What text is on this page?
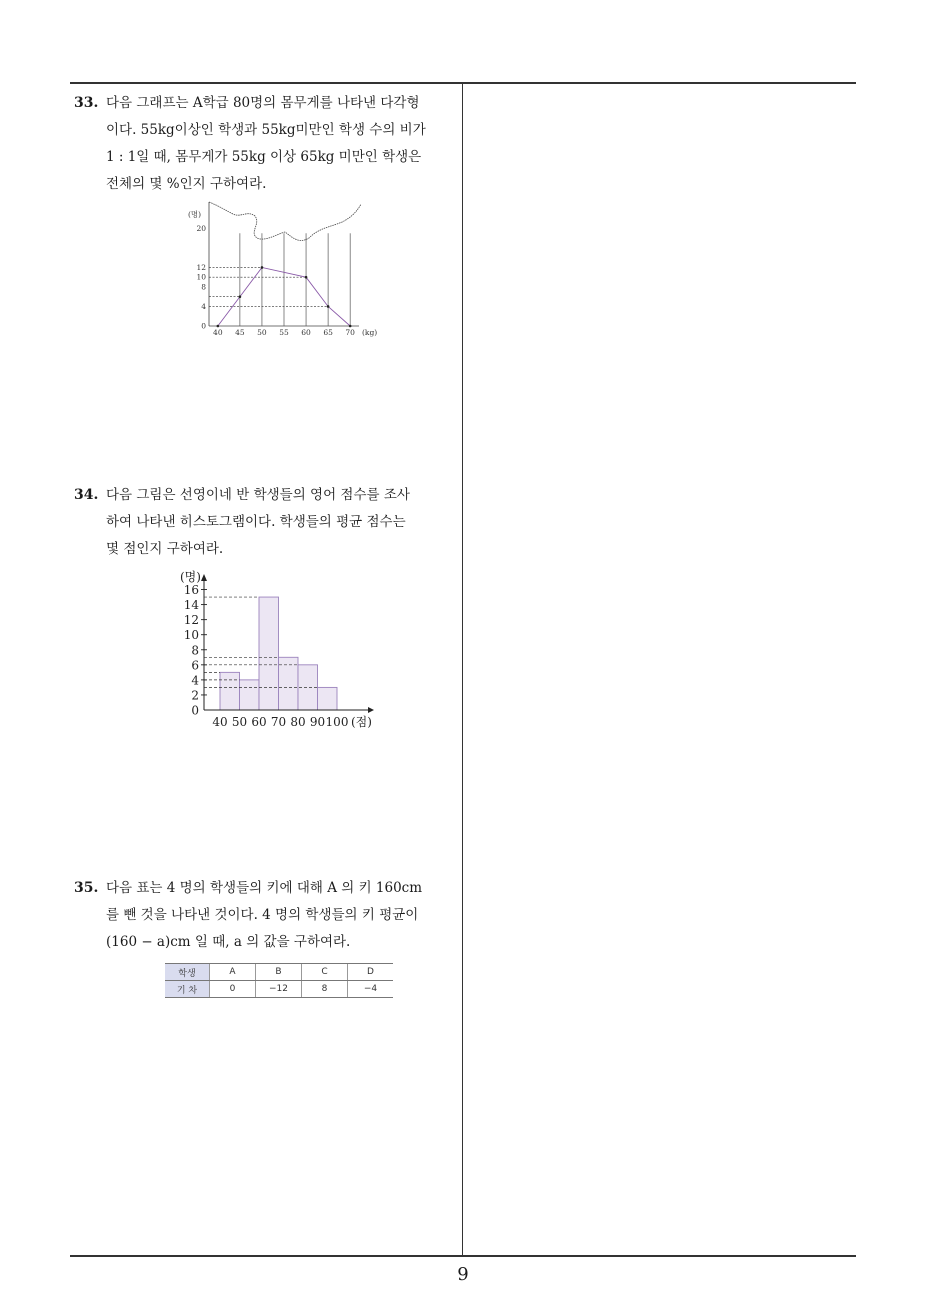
33. 다음 그래프는 A학급 80명의 몸무게를 나타낸 다각형
이다. 55kg이상인 학생과 55kg미만인 학생 수의 비가
1 : 1일 때, 몸무게가 55kg 이상 65kg 미만인 학생은
전체의 몇 %인지 구하여라.
0
4
8
10
12
20
40 45 50 55 60 65 70
(명)
(kg)
34. 다음 그림은 선영이네 반 학생들의 영어 점수를 조사
하여 나타낸 히스토그램이다. 학생들의 평균 점수는
몇 점인지 구하여라.
0
2
4
6
8
10
12
14
16
(명)
40 50 60 70 80 90 100 (점)
35. 다음 표는 4 명의 학생들의 키에 대해 A 의 키 160cm
를 뺀 것을 나타낸 것이다. 4 명의 학생들의 키 평균이
(160 − a)cm 일 때, a 의 값을 구하여라.
학생	A	B	C	D
기 차	0	−12	8	−4
9
